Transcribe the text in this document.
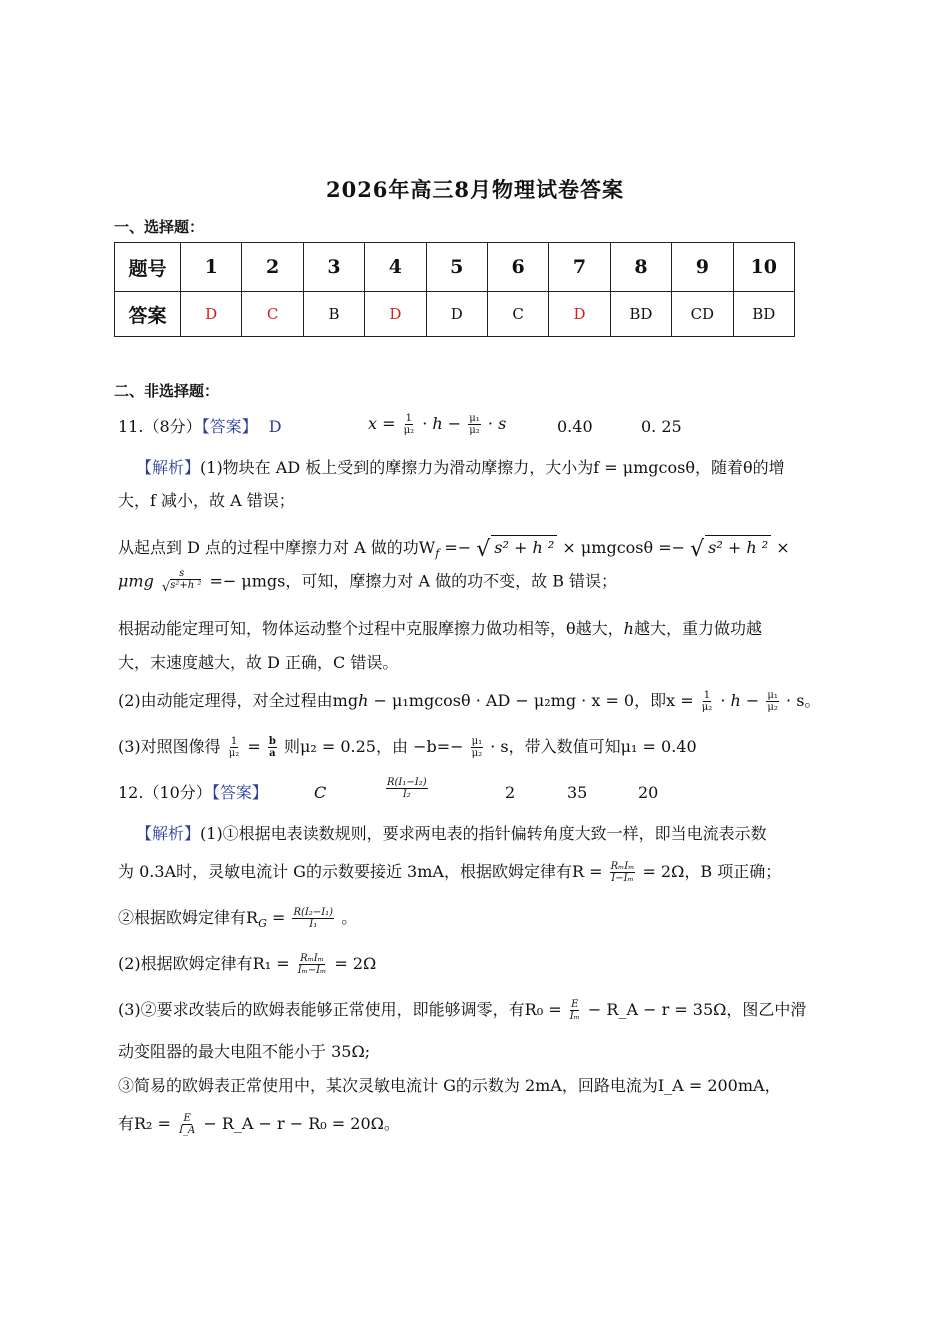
2026年高三8月物理试卷答案
一、选择题：
题号	1	2	3	4	5	6	7	8	9	10
答案	D	C	B	D	D	C	D	BD	CD	BD
二、非选择题：
11.（8分）【答案】 D	$x = \frac{1}{\text{μ₂}}$ · ℎ − $\frac{\text{μ₁}}{\text{μ₂}} \cdot s$	0.40	0. 25
【解析】(1)物块在 AD 板上受到的摩擦力为滑动摩擦力，大小为f = μmgcosθ，随着θ的增
大，f 减小，故 A 错误；
从起点到 D 点的过程中摩擦力对 A 做的功$W_f$ =− √ s² + ℎ ² × μmgcosθ =− √ s² + ℎ ² ×
μmg $\frac{s}{\text{√s²+ℎ ²}} =- \mu mgs$，可知，摩擦力对 A 做的功不变，故 B 错误；
根据动能定理可知，物体运动整个过程中克服摩擦力做功相等，θ越大，ℎ越大，重力做功越
大，末速度越大，故 D 正确，C 错误。
(2)由动能定理得，对全过程由mgℎ − μ₁mgcosθ · AD − μ₂mg · x = 0，即$x = \frac{1}{\text{μ₂}}$ · ℎ − $\frac{\text{μ₁}}{\text{μ₂}} \cdot s$。
(3)对照图像得 $\frac{1}{\text{μ₂}} = \frac{b}{a}$ 则μ₂ = 0.25，由 $-b=- \frac{\text{μ₁}}{\text{μ₂}} \cdot s$，带入数值可知μ₁ = 0.40
12.（10分）【答案】	C	$\frac{\text{R(I₁−I₂)}}{\text{I₂}}$	2	35	20
【解析】(1)①根据电表读数规则，要求两电表的指针偏转角度大致一样，即当电流表示数
为 0.3A时，灵敏电流计 G的示数要接近 3mA，根据欧姆定律有$R = \frac{\text{RₘIₘ}}{\text{I−Iₘ}} = 2\Omega$，B 项正确；
②根据欧姆定律有$R_G = \frac{\text{R(I₂−I₁)}}{\text{I₁}}$ 。
(2)根据欧姆定律有$R_1 = \frac{\text{RₘIₘ}}{\text{Iₘ−Iₘ}} = 2\Omega$
(3)②要求改装后的欧姆表能够正常使用，即能够调零，有$R_0 = \frac{E}{\text{Iₘ}}$ − R_A − r = 35Ω，图乙中滑
动变阻器的最大电阻不能小于 35Ω;
③简易的欧姆表正常使用中，某次灵敏电流计 G的示数为 2mA，回路电流为I_A = 200mA，
有$R_2 = \frac{E}{I\_A}$ − R_A − r − R₀ = 20Ω。
